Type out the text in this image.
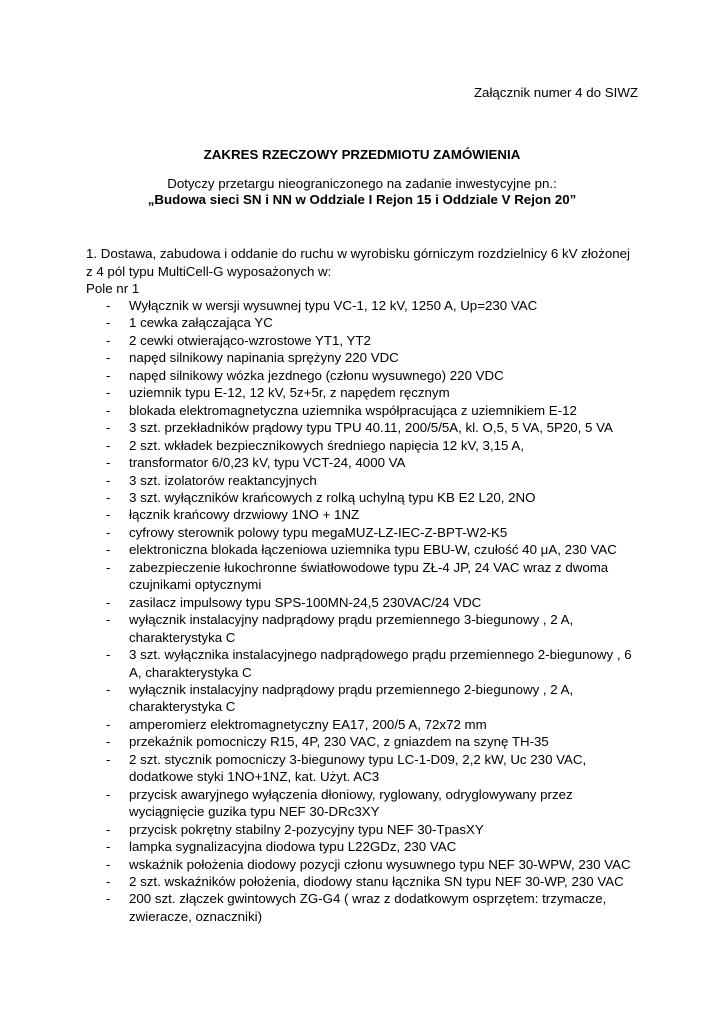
Załącznik numer 4 do SIWZ
ZAKRES RZECZOWY PRZEDMIOTU ZAMÓWIENIA
Dotyczy przetargu nieograniczonego na zadanie inwestycyjne pn.:
„Budowa sieci SN i NN w Oddziale I Rejon 15 i Oddziale V Rejon 20”

1. Dostawa, zabudowa i oddanie do ruchu w wyrobisku górniczym rozdzielnicy 6 kV złożonej

z 4 pól typu MultiCell-G wyposażonych w:

Pole nr 1

- Wyłącznik w wersji wysuwnej typu VC-1, 12 kV, 1250 A, Up=230 VAC
- 1 cewka załączająca YC
- 2 cewki otwierająco-wzrostowe YT1, YT2
- napęd silnikowy napinania sprężyny 220 VDC
- napęd silnikowy wózka jezdnego (członu wysuwnego) 220 VDC
- uziemnik typu E-12, 12 kV, 5z+5r, z napędem ręcznym
- blokada elektromagnetyczna uziemnika współpracująca z uziemnikiem E-12
- 3 szt. przekładników prądowy typu TPU 40.11, 200/5/5A, kl. O,5, 5 VA, 5P20, 5 VA
- 2 szt. wkładek bezpiecznikowych średniego napięcia 12 kV, 3,15 A,
- transformator 6/0,23 kV, typu VCT-24, 4000 VA
- 3 szt. izolatorów reaktancyjnych
- 3 szt. wyłączników krańcowych z rolką uchylną typu KB E2 L20, 2NO
- łącznik krańcowy drzwiowy 1NO + 1NZ
- cyfrowy sterownik polowy typu megaMUZ-LZ-IEC-Z-BPT-W2-K5
- elektroniczna blokada łączeniowa uziemnika typu EBU-W, czułość 40 μA, 230 VAC
- zabezpieczenie łukochronne światłowodowe typu ZŁ-4 JP, 24 VAC wraz z dwoma czujnikami optycznymi
- zasilacz impulsowy typu SPS-100MN-24,5 230VAC/24 VDC
- wyłącznik instalacyjny nadprądowy prądu przemiennego 3-biegunowy , 2 A, charakterystyka C
- 3 szt. wyłącznika instalacyjnego nadprądowego prądu przemiennego 2-biegunowy , 6 A, charakterystyka C
- wyłącznik instalacyjny nadprądowy prądu przemiennego 2-biegunowy , 2 A, charakterystyka C
- amperomierz elektromagnetyczny EA17, 200/5 A, 72x72 mm
- przekaźnik pomocniczy R15, 4P, 230 VAC, z gniazdem na szynę TH-35
- 2 szt. stycznik pomocniczy 3-biegunowy typu LC-1-D09, 2,2 kW, Uc 230 VAC, dodatkowe styki 1NO+1NZ, kat. Użyt. AC3
- przycisk awaryjnego wyłączenia dłoniowy, ryglowany, odryglowywany przez wyciągnięcie guzika typu NEF 30-DRc3XY
- przycisk pokrętny stabilny 2-pozycyjny typu NEF 30-TpasXY
- lampka sygnalizacyjna diodowa typu L22GDz, 230 VAC
- wskaźnik położenia diodowy pozycji członu wysuwnego typu NEF 30-WPW, 230 VAC
- 2 szt. wskaźników położenia, diodowy stanu łącznika SN typu NEF 30-WP, 230 VAC
- 200 szt. złączek gwintowych ZG-G4 ( wraz z dodatkowym osprzętem: trzymacze, zwieracze, oznaczniki)
